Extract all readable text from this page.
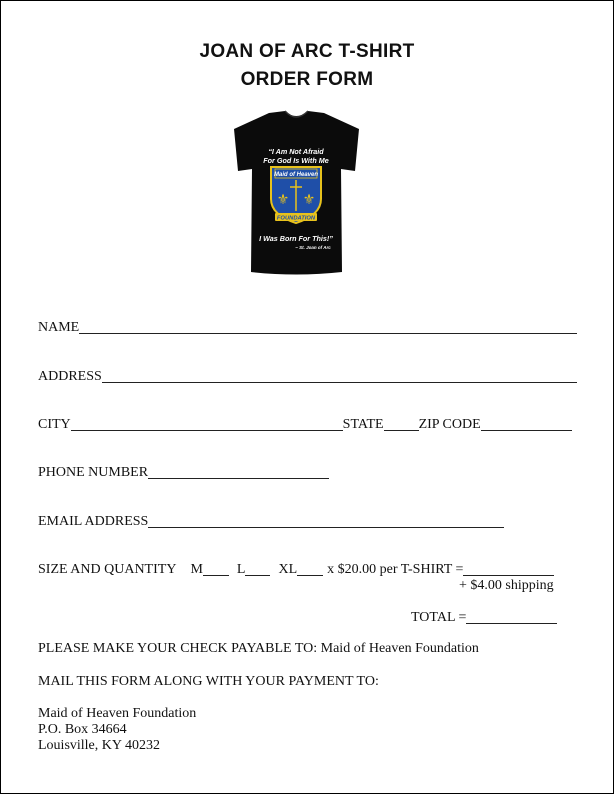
JOAN OF ARC T-SHIRT
ORDER FORM
“I Am Not Afraid
For God Is With Me
Maid of Heaven
⚜ ⚜
FOUNDATION
I Was Born For This!”
~ St. Joan of Arc
NAME
ADDRESS
CITY	STATE	ZIP CODE
PHONE NUMBER
EMAIL ADDRESS
SIZE AND QUANTITY M L XL x $20.00 per T-SHIRT =
+ $4.00 shipping
TOTAL =
PLEASE MAKE YOUR CHECK PAYABLE TO: Maid of Heaven Foundation
MAIL THIS FORM ALONG WITH YOUR PAYMENT TO:
Maid of Heaven Foundation
P.O. Box 34664
Louisville, KY 40232
